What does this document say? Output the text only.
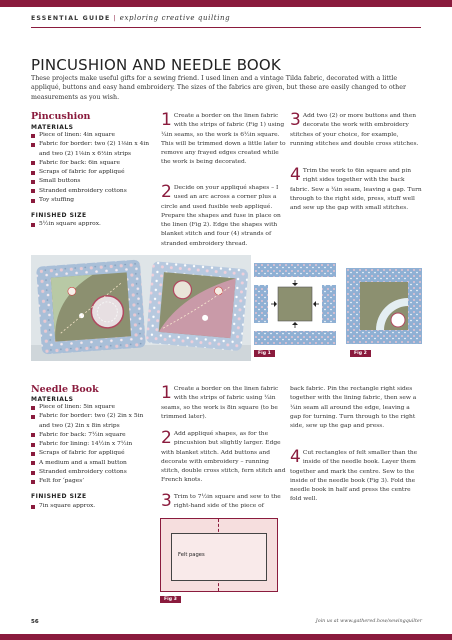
ESSENTIAL GUIDE | exploring creative quilting
PINCUSHION AND NEEDLE BOOK

These projects make useful gifts for a sewing friend. I used linen and a vintage Tilda fabric, decorated with a little appliqué, buttons and easy hand embroidery. The sizes of the fabrics are given, but these are easily changed to other measurements as you wish.

Pincushion
MATERIALS
Piece of linen: 4in square
Fabric for border: two (2) 1⅛in x 4in
and two (2) 1⅛in x 6⅟₂in strips
Fabric for back: 6in square
Scraps of fabric for appliqué
Small buttons
Stranded embroidery cottons
Toy stuffing
FINISHED SIZE
5½in square approx.
1 Create a border on the linen fabric with the strips of fabric (Fig 1) using ¼in seams, so the work is 6½in square. This will be trimmed down a little later to remove any frayed edges created while the work is being decorated.
2 Decide on your appliqué shapes – I used an arc across a corner plus a circle and used fusible web appliqué. Prepare the shapes and fuse in place on the linen (Fig 2). Edge the shapes with blanket stitch and four (4) strands of stranded embroidery thread.
3 Add two (2) or more buttons and then decorate the work with embroidery stitches of your choice, for example, running stitches and double cross stitches.
4 Trim the work to 6in square and pin right sides together with the back fabric. Sew a ¼in seam, leaving a gap. Turn through to the right side, press, stuff well and sew up the gap with small stitches.
Fig 1	Fig 2
Needle Book
MATERIALS
Piece of linen: 5in square
Fabric for border: two (2) 2in x 5in
and two (2) 2in x 8in strips
Fabric for back: 7½in square
Fabric for lining: 14½in x 7½in
Scraps of fabric for appliqué
A medium and a small button
Stranded embroidery cottons
Felt for ‘pages’
FINISHED SIZE
7in square approx.
1 Create a border on the linen fabric with the strips of fabric using ¼in seams, so the work is 8in square (to be trimmed later).
2 Add appliqué shapes, as for the pincushion but slightly larger. Edge with blanket stitch. Add buttons and decorate with embroidery – running stitch, double cross stitch, fern stitch and French knots.
3 Trim to 7½in square and sew to the right-hand side of the piece of
back fabric. Pin the rectangle right sides together with the lining fabric, then sew a ¼in seam all around the edge, leaving a gap for turning. Turn through to the right side, sew up the gap and press.
4 Cut rectangles of felt smaller than the inside of the needle book. Layer them together and mark the centre. Sew to the inside of the needle book (Fig 3). Fold the needle book in half and press the centre fold well.
Felt pages
Fig 3
56	Join us at www.gathered.how/sewingquilter
